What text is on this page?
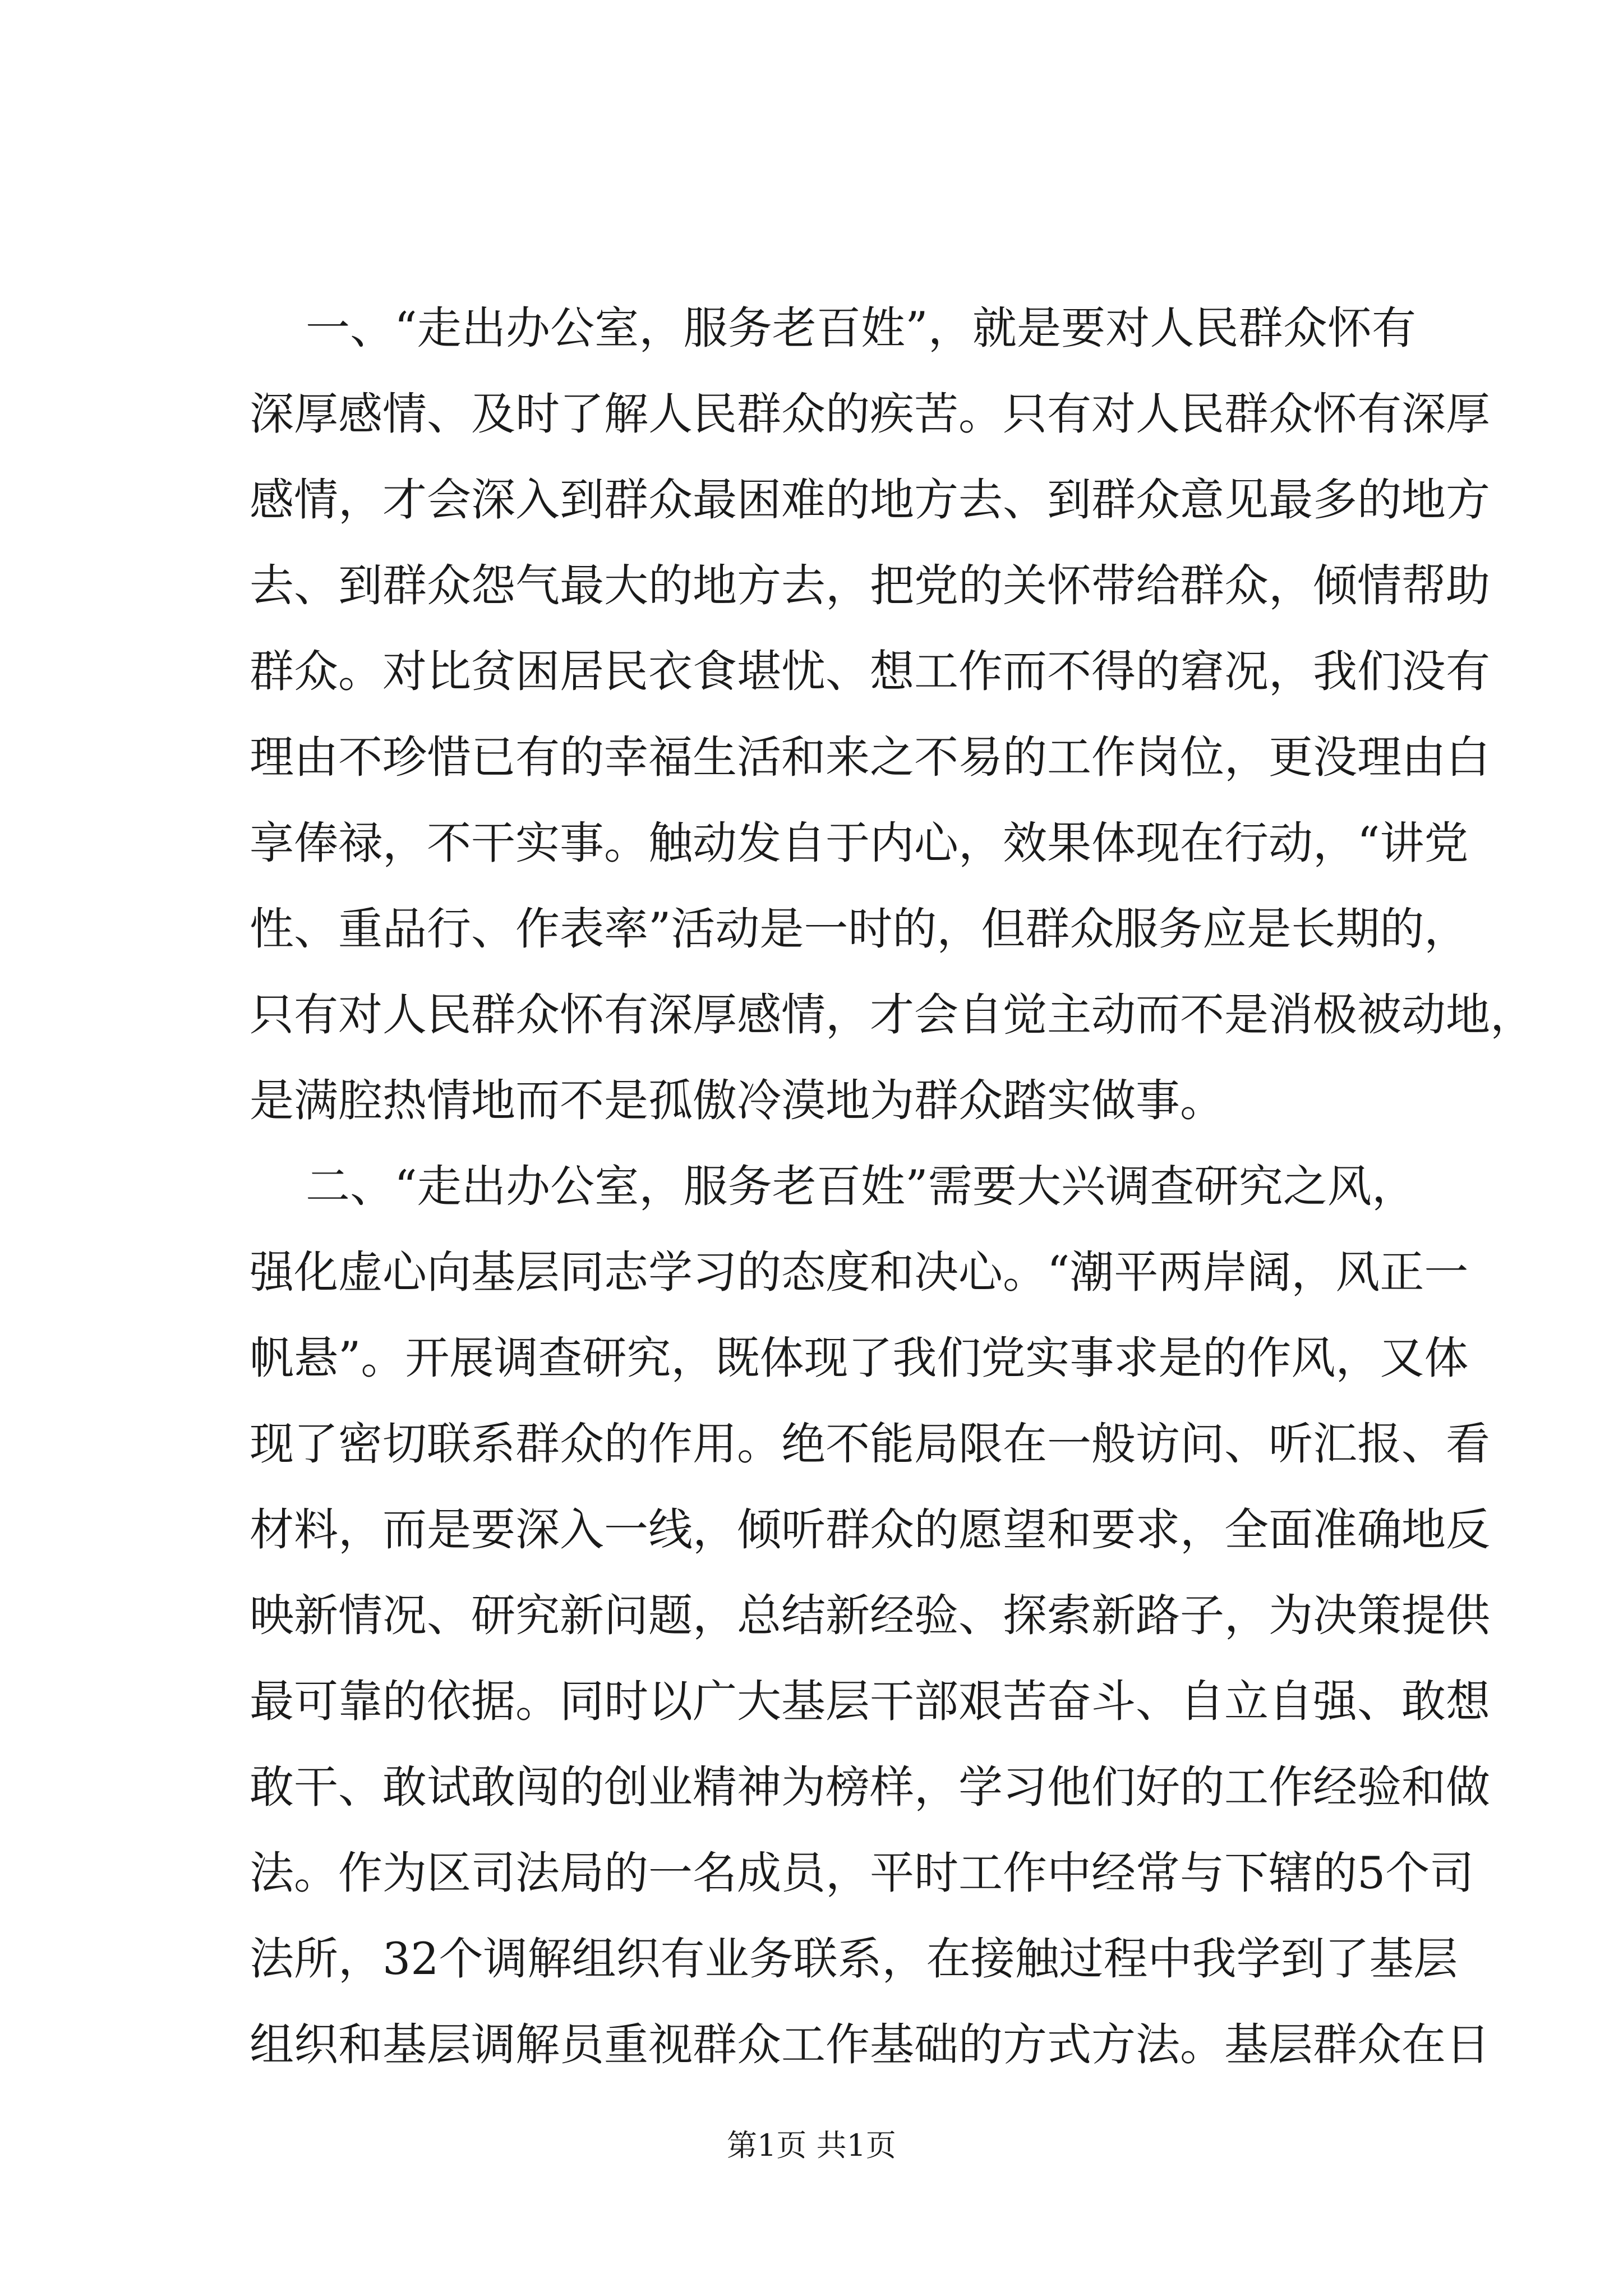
一、“走出办公室，服务老百姓”，就是要对人民群众怀有
深厚感情、及时了解人民群众的疾苦。只有对人民群众怀有深厚
感情，才会深入到群众最困难的地方去、到群众意见最多的地方
去、到群众怨气最大的地方去，把党的关怀带给群众，倾情帮助
群众。对比贫困居民衣食堪忧、想工作而不得的窘况，我们没有
理由不珍惜已有的幸福生活和来之不易的工作岗位，更没理由白
享俸禄，不干实事。触动发自于内心，效果体现在行动，“讲党
性、重品行、作表率”活动是一时的，但群众服务应是长期的，
只有对人民群众怀有深厚感情，才会自觉主动而不是消极被动地，
是满腔热情地而不是孤傲冷漠地为群众踏实做事。
二、“走出办公室，服务老百姓”需要大兴调查研究之风，
强化虚心向基层同志学习的态度和决心。“潮平两岸阔，风正一
帆悬”。开展调查研究，既体现了我们党实事求是的作风，又体
现了密切联系群众的作用。绝不能局限在一般访问、听汇报、看
材料，而是要深入一线，倾听群众的愿望和要求，全面准确地反
映新情况、研究新问题，总结新经验、探索新路子，为决策提供
最可靠的依据。同时以广大基层干部艰苦奋斗、自立自强、敢想
敢干、敢试敢闯的创业精神为榜样，学习他们好的工作经验和做
法。作为区司法局的一名成员，平时工作中经常与下辖的5个司
法所，32个调解组织有业务联系，在接触过程中我学到了基层
组织和基层调解员重视群众工作基础的方式方法。基层群众在日
第1页 共1页
